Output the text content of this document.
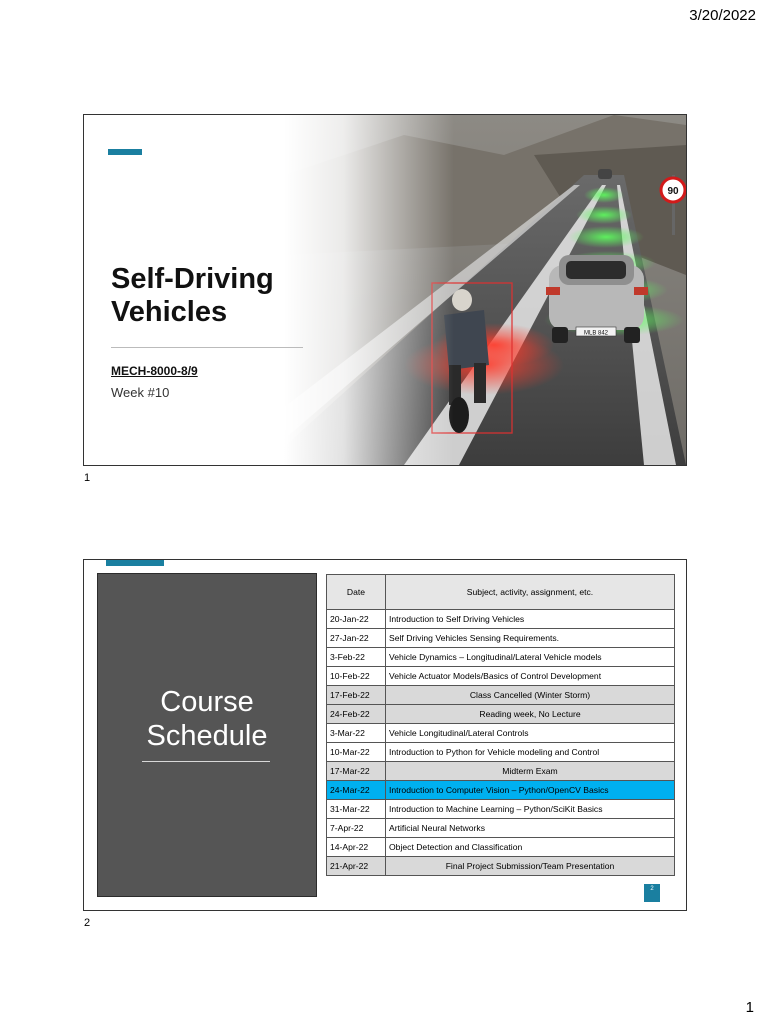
3/20/2022
MLB 842
90
Self-Driving
Vehicles
MECH-8000-8/9
Week #10
1
Course
Schedule
Date	Subject, activity, assignment, etc.
20-Jan-22	Introduction to Self Driving Vehicles
27-Jan-22	Self Driving Vehicles Sensing Requirements.
3-Feb-22	Vehicle Dynamics – Longitudinal/Lateral Vehicle models
10-Feb-22	Vehicle Actuator Models/Basics of Control Development
17-Feb-22	Class Cancelled (Winter Storm)
24-Feb-22	Reading week, No Lecture
3-Mar-22	Vehicle Longitudinal/Lateral Controls
10-Mar-22	Introduction to Python for Vehicle modeling and Control
17-Mar-22	Midterm Exam
24-Mar-22	Introduction to Computer Vision – Python/OpenCV Basics
31-Mar-22	Introduction to Machine Learning – Python/SciKit Basics
7-Apr-22	Artificial Neural Networks
14-Apr-22	Object Detection and Classification
21-Apr-22	Final Project Submission/Team Presentation
2
2
1
